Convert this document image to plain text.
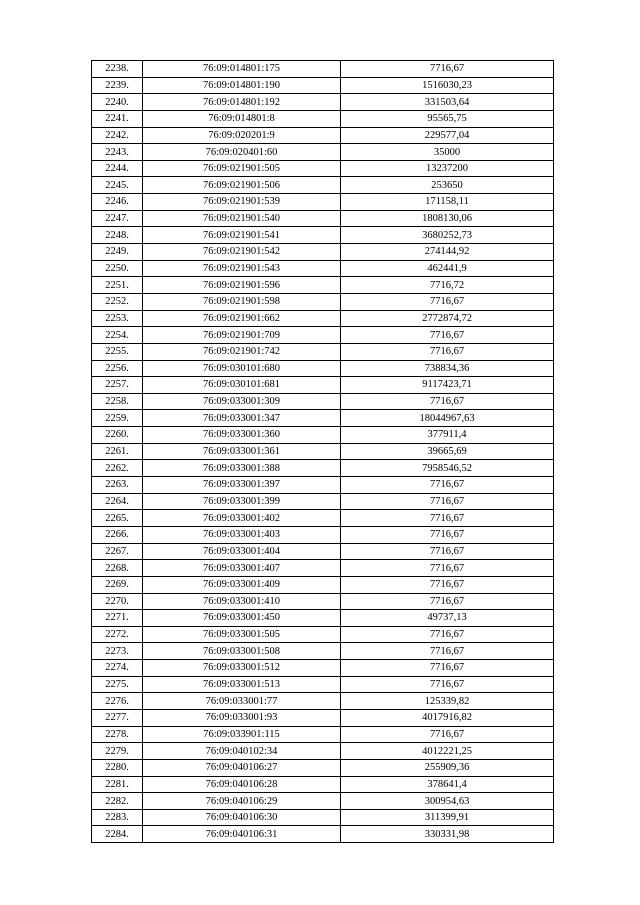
2238.	76:09:014801:175	7716,67
2239.	76:09:014801:190	1516030,23
2240.	76:09:014801:192	331503,64
2241.	76:09:014801:8	95565,75
2242.	76:09:020201:9	229577,04
2243.	76:09:020401:60	35000
2244.	76:09:021901:505	13237200
2245.	76:09:021901:506	253650
2246.	76:09:021901:539	171158,11
2247.	76:09:021901:540	1808130,06
2248.	76:09:021901:541	3680252,73
2249.	76:09:021901:542	274144,92
2250.	76:09:021901:543	462441,9
2251.	76:09:021901:596	7716,72
2252.	76:09:021901:598	7716,67
2253.	76:09:021901:662	2772874,72
2254.	76:09:021901:709	7716,67
2255.	76:09:021901:742	7716,67
2256.	76:09:030101:680	738834,36
2257.	76:09:030101:681	9117423,71
2258.	76:09:033001:309	7716,67
2259.	76:09:033001:347	18044967,63
2260.	76:09:033001:360	377911,4
2261.	76:09:033001:361	39665,69
2262.	76:09:033001:388	7958546,52
2263.	76:09:033001:397	7716,67
2264.	76:09:033001:399	7716,67
2265.	76:09:033001:402	7716,67
2266.	76:09:033001:403	7716,67
2267.	76:09:033001:404	7716,67
2268.	76:09:033001:407	7716,67
2269.	76:09:033001:409	7716,67
2270.	76:09:033001:410	7716,67
2271.	76:09:033001:450	49737,13
2272.	76:09:033001:505	7716,67
2273.	76:09:033001:508	7716,67
2274.	76:09:033001:512	7716,67
2275.	76:09:033001:513	7716,67
2276.	76:09:033001:77	125339,82
2277.	76:09:033001:93	4017916,82
2278.	76:09:033901:115	7716,67
2279.	76:09:040102:34	4012221,25
2280.	76:09:040106:27	255909,36
2281.	76:09:040106:28	378641,4
2282.	76:09:040106:29	300954,63
2283.	76:09:040106:30	311399,91
2284.	76:09:040106:31	330331,98
